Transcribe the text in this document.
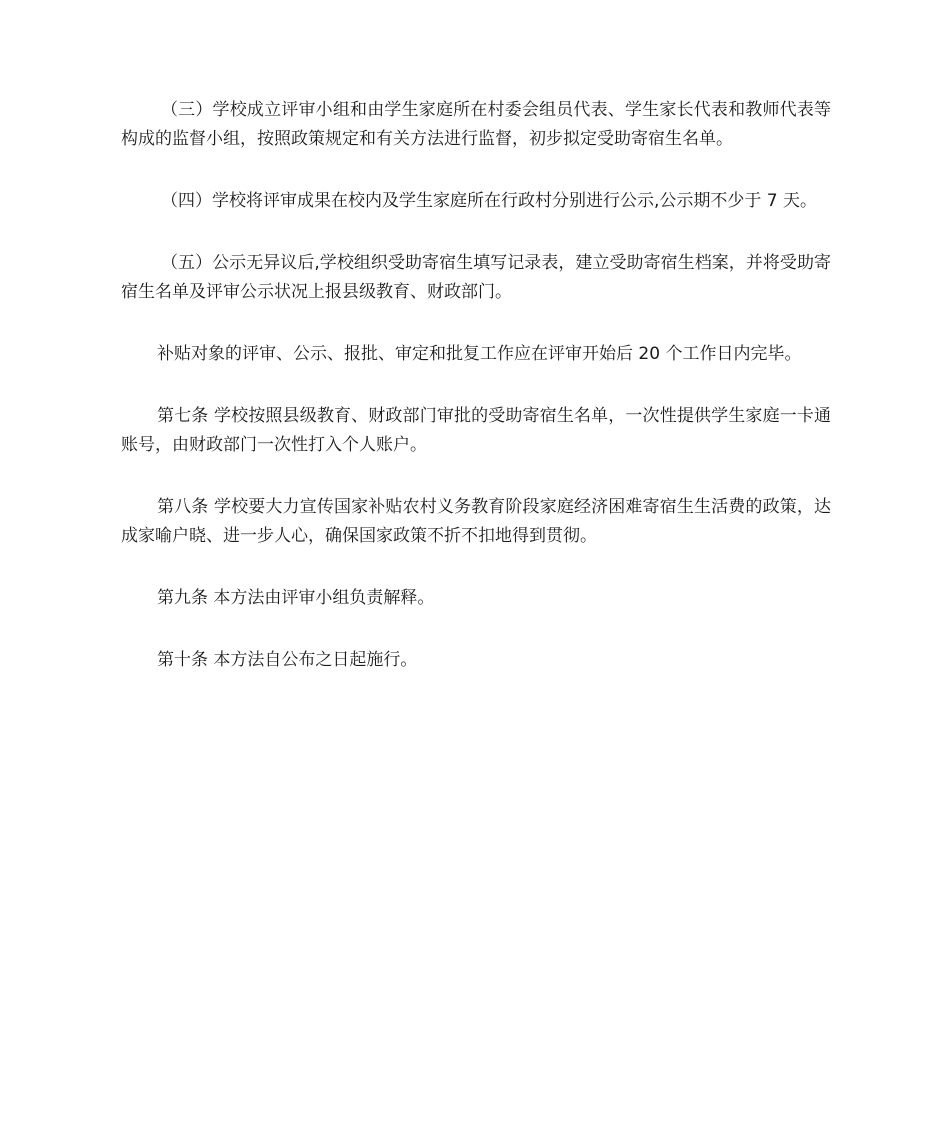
（三）学校成立评审小组和由学生家庭所在村委会组员代表、学生家长代表和教师代表等构成的监督小组，按照政策规定和有关方法进行监督，初步拟定受助寄宿生名单。

（四）学校将评审成果在校内及学生家庭所在行政村分别进行公示,公示期不少于 7 天。

（五）公示无异议后,学校组织受助寄宿生填写记录表，建立受助寄宿生档案，并将受助寄宿生名单及评审公示状况上报县级教育、财政部门。

补贴对象的评审、公示、报批、审定和批复工作应在评审开始后 20 个工作日内完毕。

第七条 学校按照县级教育、财政部门审批的受助寄宿生名单，一次性提供学生家庭一卡通账号，由财政部门一次性打入个人账户。

第八条 学校要大力宣传国家补贴农村义务教育阶段家庭经济困难寄宿生生活费的政策，达成家喻户晓、进一步人心，确保国家政策不折不扣地得到贯彻。

第九条 本方法由评审小组负责解释。

第十条 本方法自公布之日起施行。
